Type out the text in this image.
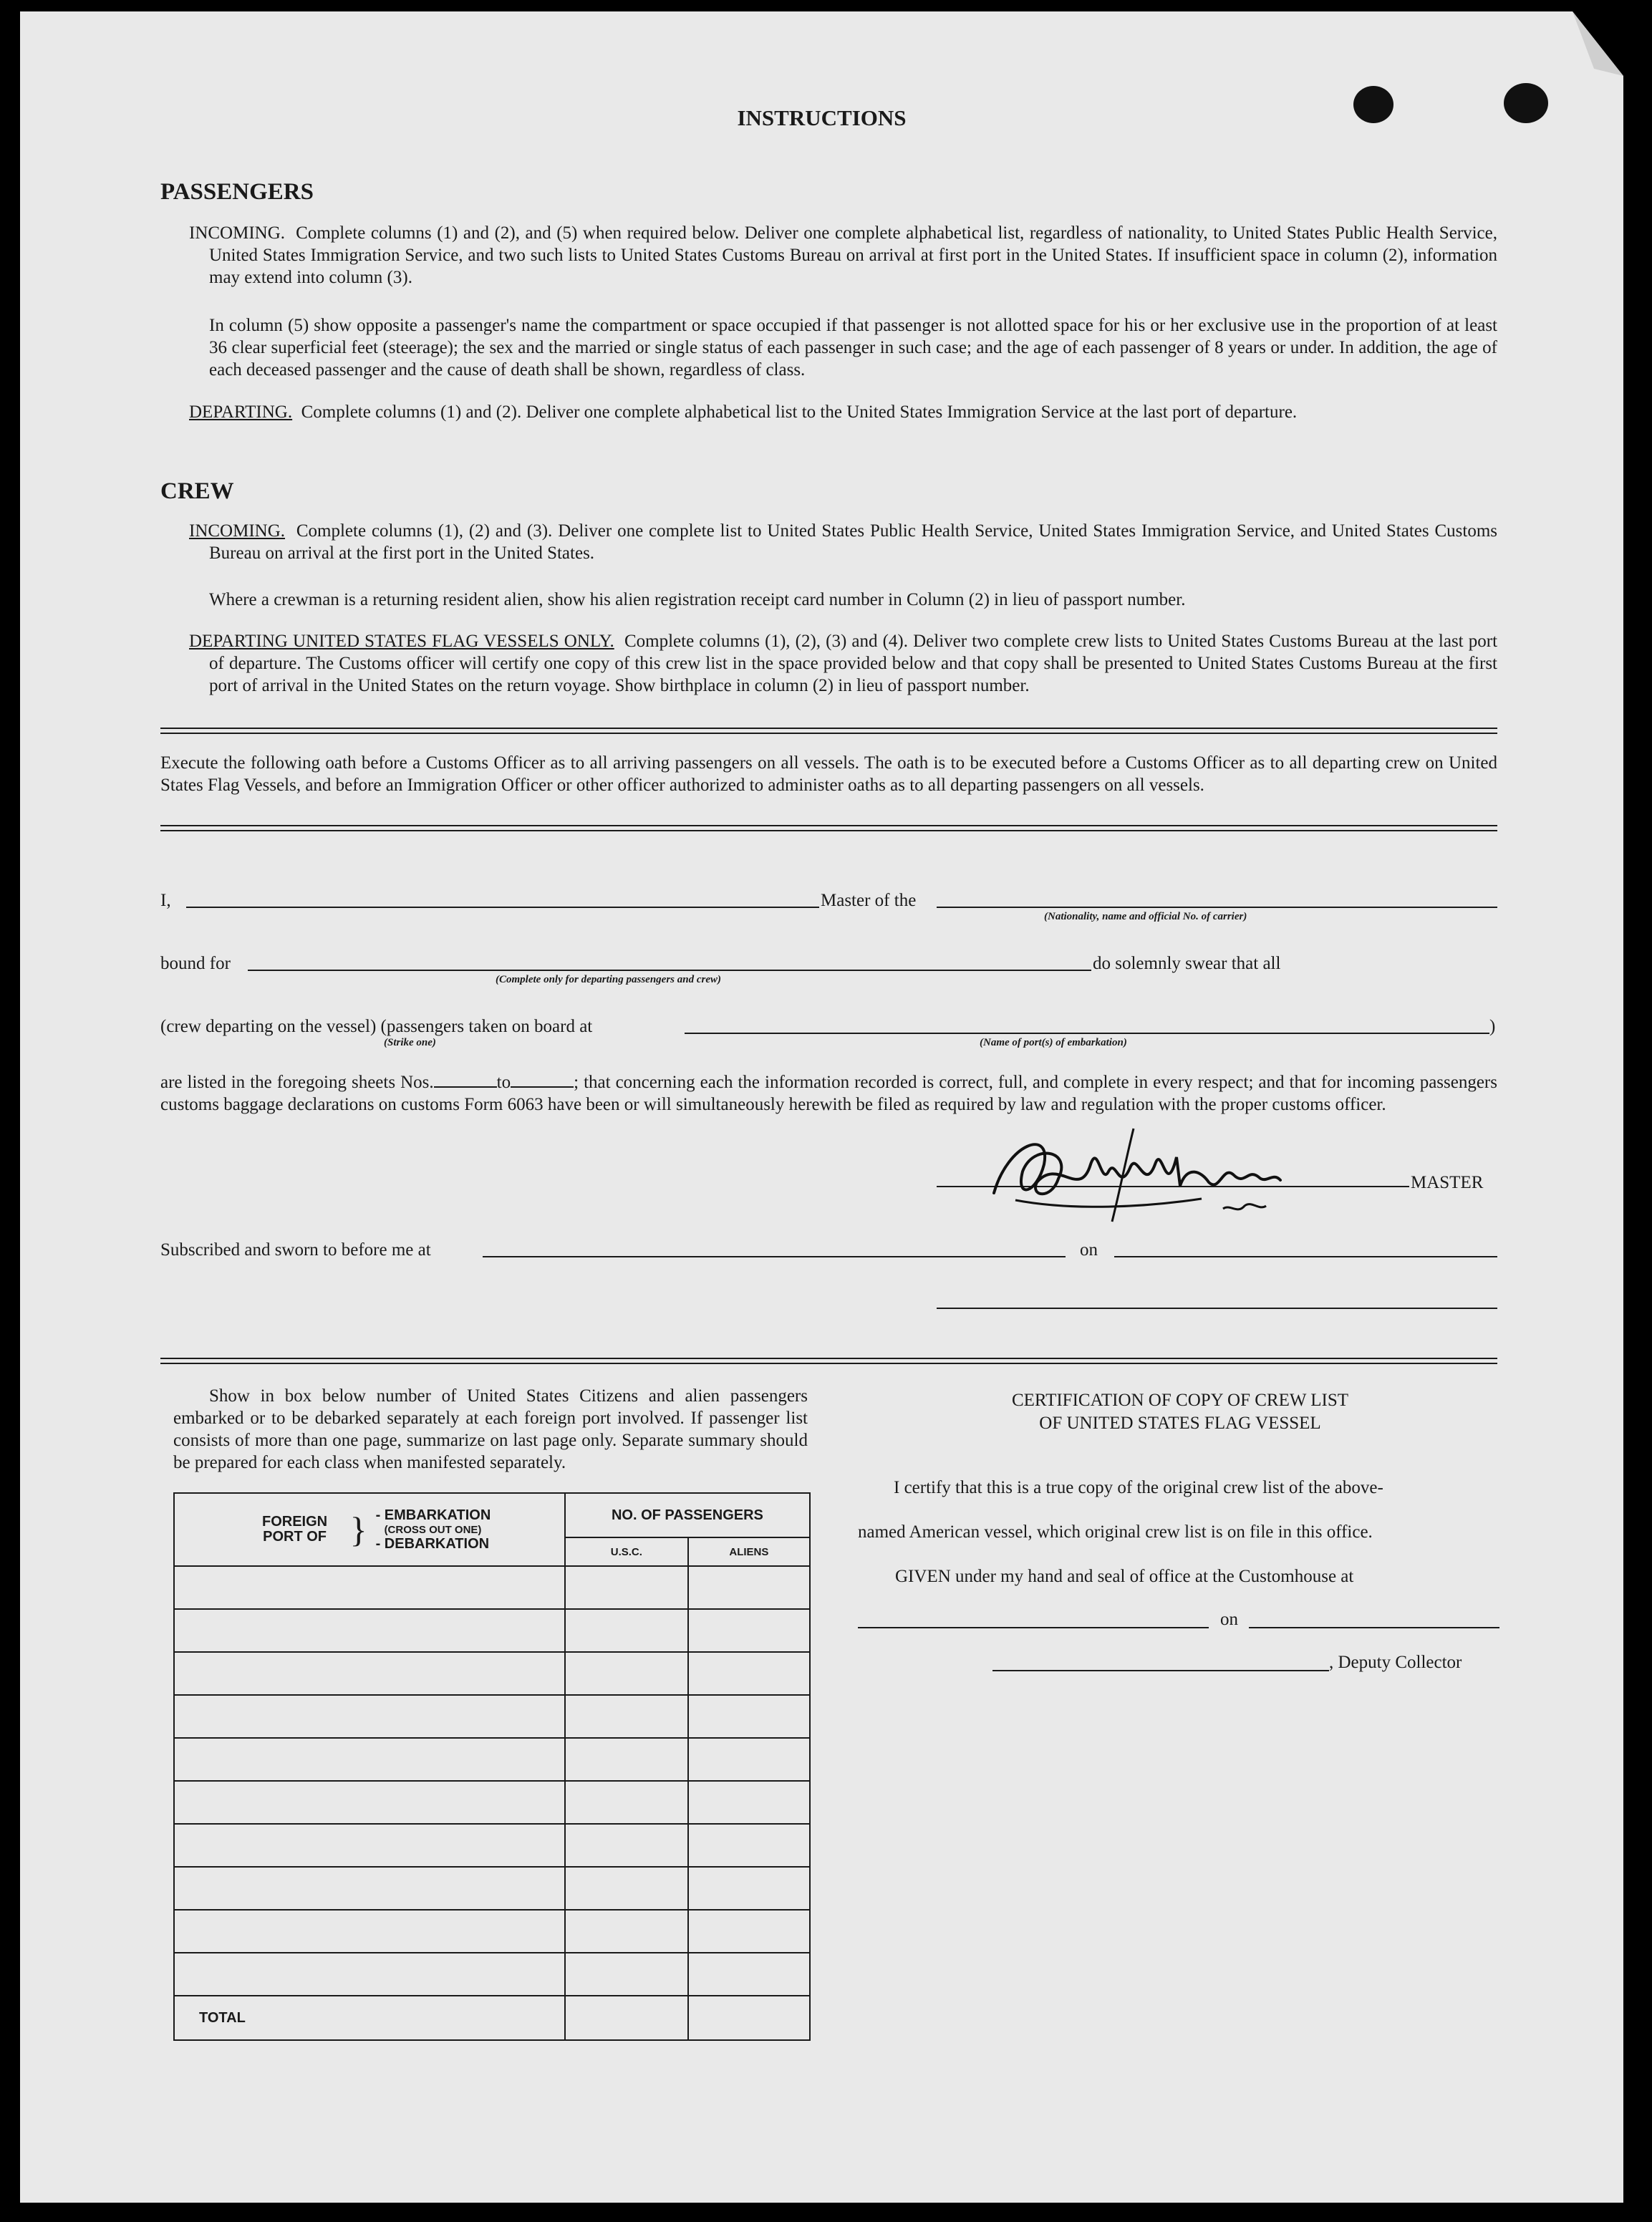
INSTRUCTIONS
PASSENGERS
INCOMING. Complete columns (1) and (2), and (5) when required below. Deliver one complete alphabetical list, regardless of nationality, to United States Public Health Service, United States Immigration Service, and two such lists to United States Customs Bureau on arrival at first port in the United States. If insufficient space in column (2), information may extend into column (3).
In column (5) show opposite a passenger's name the compartment or space occupied if that passenger is not allotted space for his or her exclusive use in the proportion of at least 36 clear superficial feet (steerage); the sex and the married or single status of each passenger in such case; and the age of each passenger of 8 years or under. In addition, the age of each deceased passenger and the cause of death shall be shown, regardless of class.
DEPARTING. Complete columns (1) and (2). Deliver one complete alphabetical list to the United States Immigration Service at the last port of departure.
CREW
INCOMING. Complete columns (1), (2) and (3). Deliver one complete list to United States Public Health Service, United States Immigration Service, and United States Customs Bureau on arrival at the first port in the United States.
Where a crewman is a returning resident alien, show his alien registration receipt card number in Column (2) in lieu of passport number.
DEPARTING UNITED STATES FLAG VESSELS ONLY. Complete columns (1), (2), (3) and (4). Deliver two complete crew lists to United States Customs Bureau at the last port of departure. The Customs officer will certify one copy of this crew list in the space provided below and that copy shall be presented to United States Customs Bureau at the first port of arrival in the United States on the return voyage. Show birthplace in column (2) in lieu of passport number.
Execute the following oath before a Customs Officer as to all arriving passengers on all vessels. The oath is to be executed before a Customs Officer as to all departing crew on United States Flag Vessels, and before an Immigration Officer or other officer authorized to administer oaths as to all departing passengers on all vessels.
I,	Master of the
(Nationality, name and official No. of carrier)
bound for	do solemnly swear that all
(Complete only for departing passengers and crew)
(crew departing on the vessel) (passengers taken on board at
(Strike one)
)
(Name of port(s) of embarkation)
are listed in the foregoing sheets Nos.	to	; that concerning each the information recorded is correct, full, and complete in every respect; and that for incoming passengers customs baggage declarations on customs Form 6063 have been or will simultaneously herewith be filed as required by law and regulation with the proper customs officer.
MASTER
Subscribed and sworn to before me at	on
Show in box below number of United States Citizens and alien passengers embarked or to be debarked separately at each foreign port involved. If passenger list consists of more than one page, summarize on last page only. Separate summary should be prepared for each class when manifested separately.
FOREIGN PORT OF } - EMBARKATION
(CROSS OUT ONE)
- DEBARKATION	NO. OF PASSENGERS	
	U.S.C.	ALIENS

TOTAL		
CERTIFICATION OF COPY OF CREW LIST
OF UNITED STATES FLAG VESSEL
I certify that this is a true copy of the original crew list of the above-
named American vessel, which original crew list is on file in this office.
GIVEN under my hand and seal of office at the Customhouse at
on
, Deputy Collector
